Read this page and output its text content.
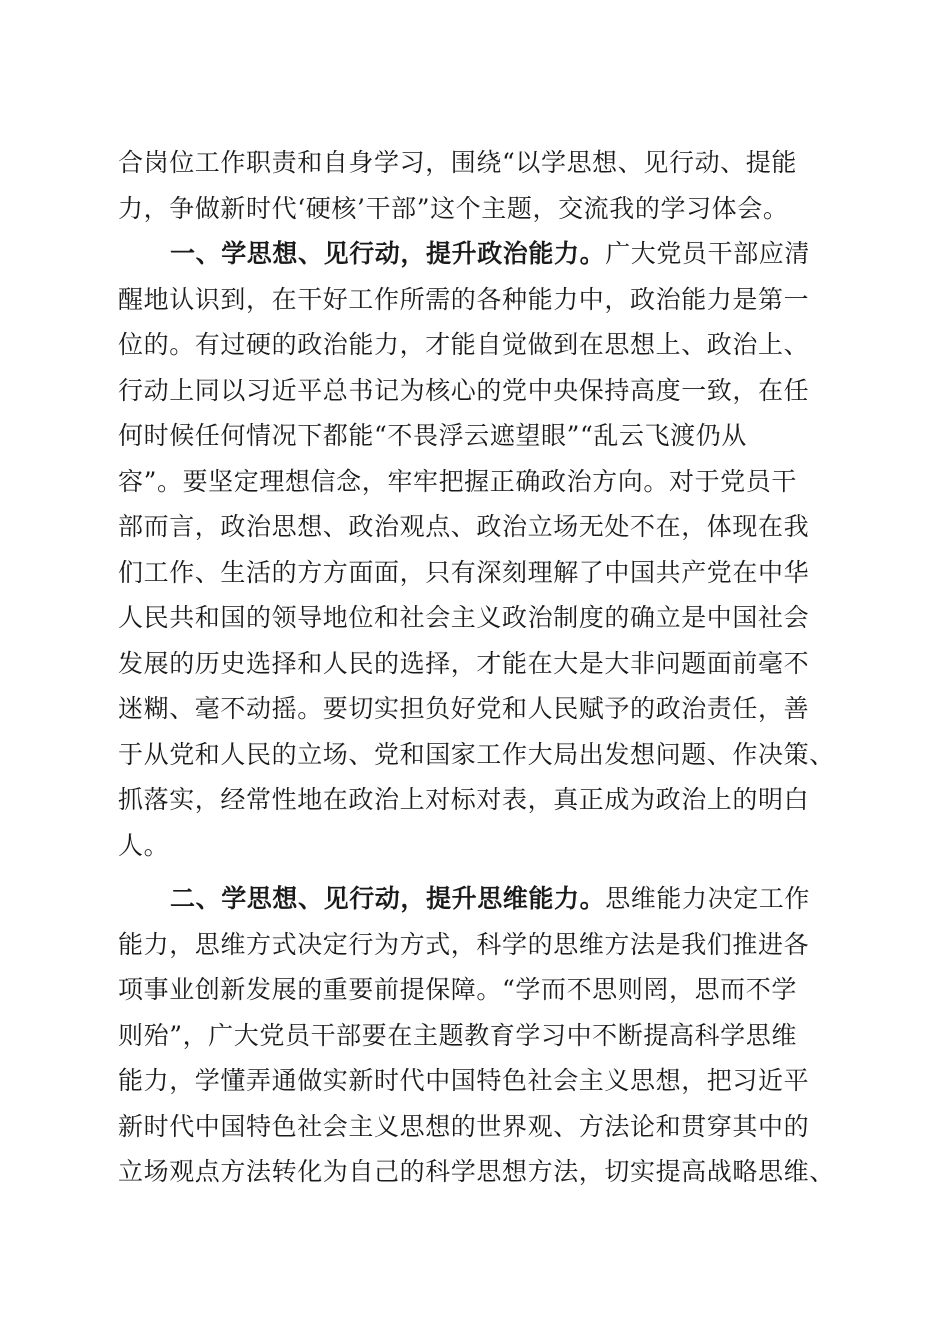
合岗位工作职责和自身学习，围绕“以学思想、见行动、提能
力，争做新时代‘硬核’干部”这个主题，交流我的学习体会。
一、学思想、见行动，提升政治能力。广大党员干部应清
醒地认识到，在干好工作所需的各种能力中，政治能力是第一
位的。有过硬的政治能力，才能自觉做到在思想上、政治上、
行动上同以习近平总书记为核心的党中央保持高度一致，在任
何时候任何情况下都能“不畏浮云遮望眼”“乱云飞渡仍从
容”。要坚定理想信念，牢牢把握正确政治方向。对于党员干
部而言，政治思想、政治观点、政治立场无处不在，体现在我
们工作、生活的方方面面，只有深刻理解了中国共产党在中华
人民共和国的领导地位和社会主义政治制度的确立是中国社会
发展的历史选择和人民的选择，才能在大是大非问题面前毫不
迷糊、毫不动摇。要切实担负好党和人民赋予的政治责任，善
于从党和人民的立场、党和国家工作大局出发想问题、作决策、
抓落实，经常性地在政治上对标对表，真正成为政治上的明白
人。
二、学思想、见行动，提升思维能力。思维能力决定工作
能力，思维方式决定行为方式，科学的思维方法是我们推进各
项事业创新发展的重要前提保障。“学而不思则罔，思而不学
则殆”，广大党员干部要在主题教育学习中不断提高科学思维
能力，学懂弄通做实新时代中国特色社会主义思想，把习近平
新时代中国特色社会主义思想的世界观、方法论和贯穿其中的
立场观点方法转化为自己的科学思想方法，切实提高战略思维、
